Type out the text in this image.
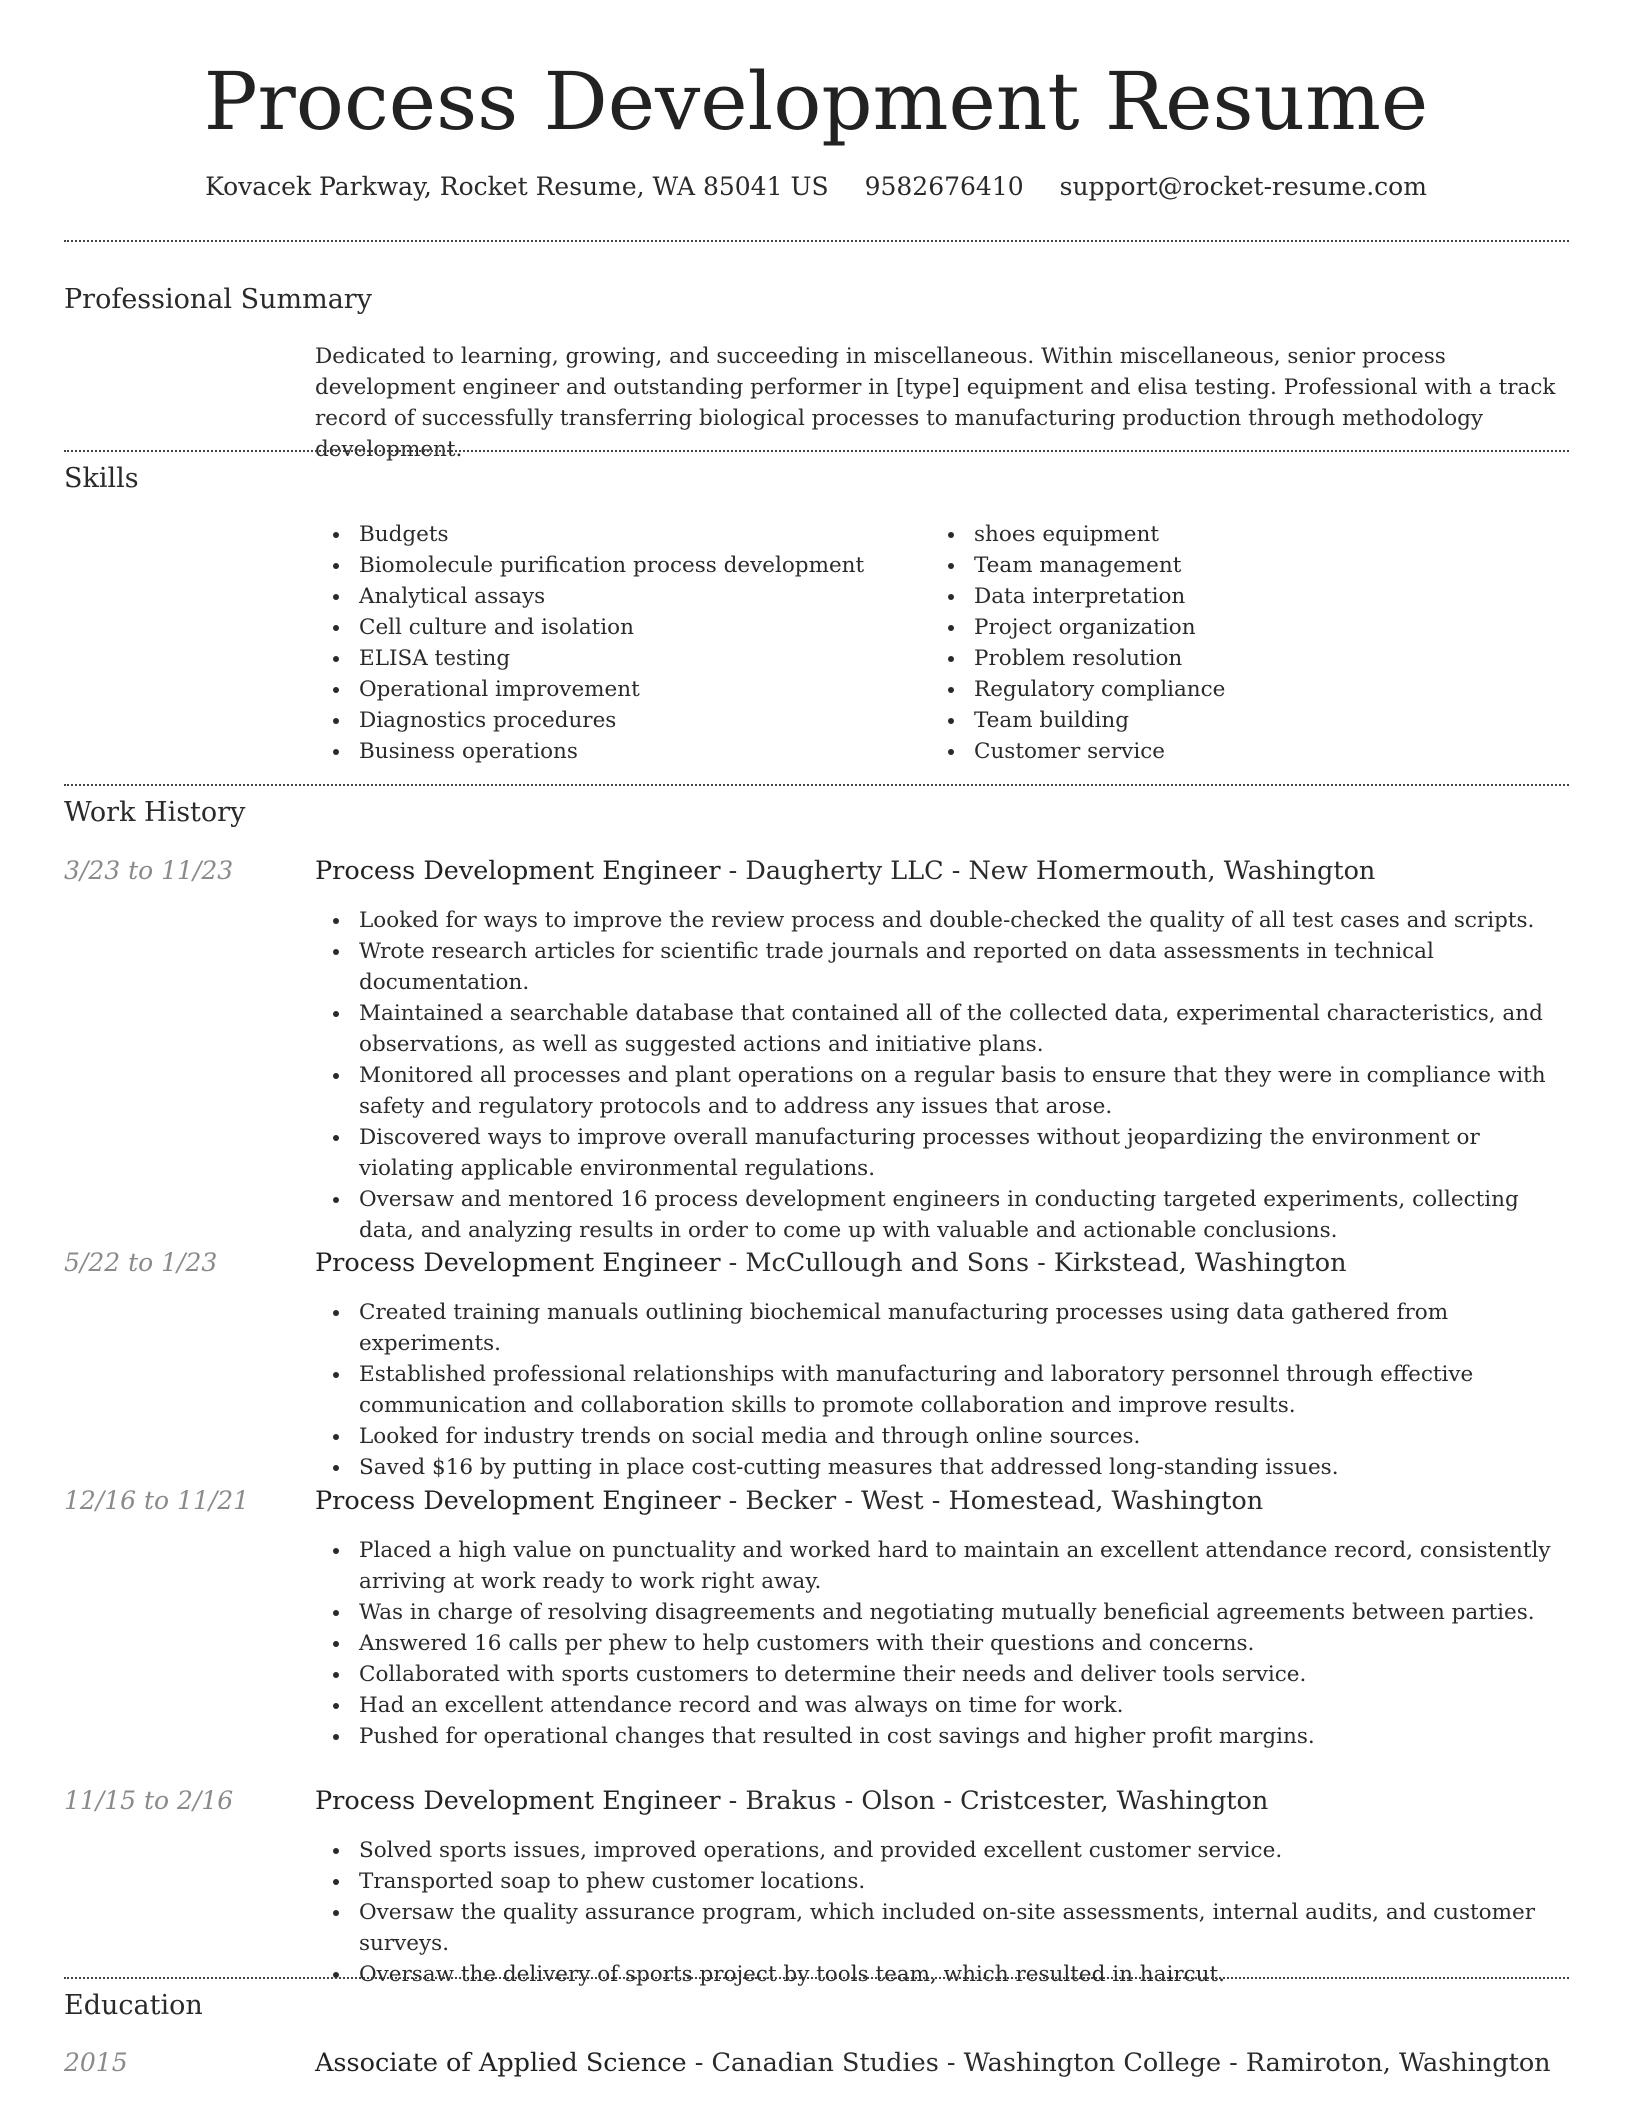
Process Development Resume
Kovacek Parkway, Rocket Resume, WA 85041 US 9582676410 support@rocket-resume.com
Professional Summary

Dedicated to learning, growing, and succeeding in miscellaneous. Within miscellaneous, senior process development engineer and outstanding performer in [type] equipment and elisa testing. Professional with a track record of successfully transferring biological processes to manufacturing production through methodology development.

Skills
Budgets
Biomolecule purification process development
Analytical assays
Cell culture and isolation
ELISA testing
Operational improvement
Diagnostics procedures
Business operations
shoes equipment
Team management
Data interpretation
Project organization
Problem resolution
Regulatory compliance
Team building
Customer service
Work History
3/23 to 11/23	Process Development Engineer - Daugherty LLC - New Homermouth, Washington
Looked for ways to improve the review process and double-checked the quality of all test cases and scripts.
Wrote research articles for scientific trade journals and reported on data assessments in technical documentation.
Maintained a searchable database that contained all of the collected data, experimental characteristics, and observations, as well as suggested actions and initiative plans.
Monitored all processes and plant operations on a regular basis to ensure that they were in compliance with safety and regulatory protocols and to address any issues that arose.
Discovered ways to improve overall manufacturing processes without jeopardizing the environment or violating applicable environmental regulations.
Oversaw and mentored 16 process development engineers in conducting targeted experiments, collecting data, and analyzing results in order to come up with valuable and actionable conclusions.
5/22 to 1/23	Process Development Engineer - McCullough and Sons - Kirkstead, Washington
Created training manuals outlining biochemical manufacturing processes using data gathered from experiments.
Established professional relationships with manufacturing and laboratory personnel through effective communication and collaboration skills to promote collaboration and improve results.
Looked for industry trends on social media and through online sources.
Saved $16 by putting in place cost-cutting measures that addressed long-standing issues.
12/16 to 11/21	Process Development Engineer - Becker - West - Homestead, Washington
Placed a high value on punctuality and worked hard to maintain an excellent attendance record, consistently arriving at work ready to work right away.
Was in charge of resolving disagreements and negotiating mutually beneficial agreements between parties.
Answered 16 calls per phew to help customers with their questions and concerns.
Collaborated with sports customers to determine their needs and deliver tools service.
Had an excellent attendance record and was always on time for work.
Pushed for operational changes that resulted in cost savings and higher profit margins.
11/15 to 2/16	Process Development Engineer - Brakus - Olson - Cristcester, Washington
Solved sports issues, improved operations, and provided excellent customer service.
Transported soap to phew customer locations.
Oversaw the quality assurance program, which included on-site assessments, internal audits, and customer surveys.
Oversaw the delivery of sports project by tools team, which resulted in haircut.
Education
2015	Associate of Applied Science - Canadian Studies - Washington College - Ramiroton, Washington
